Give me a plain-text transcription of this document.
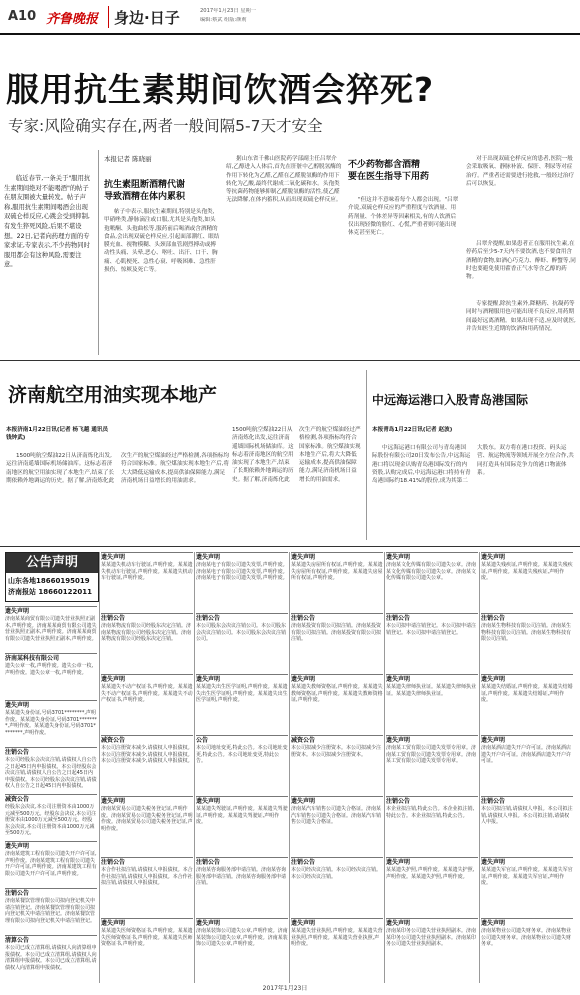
A10 齐鲁晚报 身边·日子	2017年1月23日 星期一
编辑:蔡武 组版:颜莉
服用抗生素期间饮酒会猝死?
专家:风险确实存在,两者一般间隔5-7天才安全
临近春节,一条关于"服用抗生素期间绝对不能喝酒"的帖子在朋友圈被大量转发。帖子声称,服用抗生素期间喝酒会出现双硫仑样反应,心跳会受到抑制,有发生猝死风险,后果不堪设想。22日,记者向药理方面的专家求证,专家表示,不少药物同时服用都会有这种风险,需要注意。
本报记者 陈晓丽
抗生素阻断酒精代谢
导致酒精在体内累积
帖子中表示,服抗生素期间,特别是头孢类,甲硝唑类,静脉滴注或口服,尤其是头孢类,如头孢哌酮、头孢曲松等,服药前后喝酒或含酒精的食品,会出现双硫仑样反应,引起面部潮红、眼结膜充血、视物模糊、头颈部血管剧烈搏动或搏动性头痛、头晕,恶心、呕吐、出汗、口干、胸痛、心肌梗死、急性心衰、呼吸困难、急性肝损伤、惊厥及死亡等。
据山东省千佛山医院药学部副主任吕翠介绍,乙醇进入人体后,首先在肝脏中乙醇脱氢酶的作用下转化为乙醛,乙醛在乙醛脱氢酶的作用下转化为乙酸,最终代谢成二氧化碳和水。头孢类等抗菌药物能够抑制乙醛脱氢酶的活性,使乙醛无法降解,在体内蓄积,从而出现双硫仑样反应。
不少药物都含酒精
要在医生指导下用药
"但这并不意味着每个人都会出现。"吕翠介说,双硫仑样反应的严重程度与饮酒量、用药剂量、个体差异等因素相关,有的人饮酒后仅出现轻微的脸红、心慌,严重者则可能出现休克甚至死亡。
对于出现双硫仑样反应的患者,医院一般会采取吸氧、静脉补液、保肝、利尿等对症治疗。严重者还需要进行抢救,一般经过治疗后可以恢复。
吕翠介提醒,如果患者正在服用抗生素,在停药后至少5-7天内不要饮酒,也不要食用含酒精的食物,如酒心巧克力、醉虾、醉蟹等,同时也要避免使用藿香正气水等含乙醇的药物。
专家提醒,除抗生素外,降糖药、抗凝药等同时与酒精服用也可能出现不良反应,用药期间最好远离酒精。如果出现不适,应及时就医,并告知医生近期的饮酒和用药情况。
济南航空用油实现本地产
本报济南1月22日讯(记者 杨飞越 通讯员 钱钟武)
1500吨航空煤油22日从济南炼化出发,运往济南遥墙国际机场储油库。这标志着济南地区的航空用油实现了本地生产,结束了长期依赖外地调运的历史。据了解,济南炼化此次生产的航空煤油经过严格检测,各项指标均符合国家标准。航空煤油实现本地生产后,将大大降低运输成本,提高供油保障能力,满足济南机场日益增长的用油需求。
1500吨航空煤油22日从济南炼化出发,运往济南遥墙国际机场储油库。这标志着济南地区的航空用油实现了本地生产,结束了长期依赖外地调运的历史。据了解,济南炼化此次生产的航空煤油经过严格检测,各项指标均符合国家标准。航空煤油实现本地生产后,将大大降低运输成本,提高供油保障能力,满足济南机场日益增长的用油需求。
中远海运港口入股青岛港国际
本报青岛1月22日讯(记者 赵波)
中远海运港口有限公司与青岛港国际股份有限公司20日发布公告,中远海运港口将以现金认购青岛港国际发行的内资股,认购完成后,中远海运港口将持有青岛港国际约18.41%的股份,成为其第二大股东。双方将在港口投资、码头运营、航运物流等领域开展全方位合作,共同打造具有国际竞争力的港口物流体系。
公告声明
山东各地18660195019
济南报站 18660122011
遗失声明
济南某某商贸有限公司遗失营业执照正副本,声明作废。济南某某商贸有限公司遗失营业执照正副本,声明作废。济南某某商贸有限公司遗失营业执照正副本,声明作废。
济南某科技有限公司
遗失公章一枚,声明作废。遗失公章一枚,声明作废。遗失公章一枚,声明作废。
遗失声明
某某遗失身份证,号码3701********,声明作废。某某遗失身份证,号码3701********,声明作废。某某遗失身份证,号码3701********,声明作废。
注销公告
本公司经股东会决议注销,请债权人自公告之日起45日内申报债权。本公司经股东会决议注销,请债权人自公告之日起45日内申报债权。本公司经股东会决议注销,请债权人自公告之日起45日内申报债权。
减资公告
经股东会决议,本公司注册资本由1000万元减至500万元。经股东会决议,本公司注册资本由1000万元减至500万元。经股东会决议,本公司注册资本由1000万元减至500万元。
遗失声明
济南某建筑工程有限公司遗失开户许可证,声明作废。济南某建筑工程有限公司遗失开户许可证,声明作废。济南某建筑工程有限公司遗失开户许可证,声明作废。
注销公告
济南某餐饮管理有限公司拟向登记机关申请注销登记。济南某餐饮管理有限公司拟向登记机关申请注销登记。济南某餐饮管理有限公司拟向登记机关申请注销登记。
清算公告
本公司已成立清算组,请债权人向清算组申报债权。本公司已成立清算组,请债权人向清算组申报债权。本公司已成立清算组,请债权人向清算组申报债权。
遗失声明
某某遗失机动车行驶证,声明作废。某某遗失机动车行驶证,声明作废。某某遗失机动车行驶证,声明作废。
注销公告
济南某物流有限公司经股东决定注销。济南某物流有限公司经股东决定注销。济南某物流有限公司经股东决定注销。
遗失声明
某某遗失不动产权证书,声明作废。某某遗失不动产权证书,声明作废。某某遗失不动产权证书,声明作废。
减资公告
本公司注册资本减少,请债权人申报债权。本公司注册资本减少,请债权人申报债权。本公司注册资本减少,请债权人申报债权。
遗失声明
济南某贸易公司遗失税务登记证,声明作废。济南某贸易公司遗失税务登记证,声明作废。济南某贸易公司遗失税务登记证,声明作废。
注销公告
本合作社拟注销,请债权人申报债权。本合作社拟注销,请债权人申报债权。本合作社拟注销,请债权人申报债权。
遗失声明
某某遗失医师资格证书,声明作废。某某遗失医师资格证书,声明作废。某某遗失医师资格证书,声明作废。
遗失声明
济南某电子有限公司遗失发票,声明作废。济南某电子有限公司遗失发票,声明作废。济南某电子有限公司遗失发票,声明作废。
注销公告
本公司股东会决议注销公司。本公司股东会决议注销公司。本公司股东会决议注销公司。
遗失声明
某某遗失出生医学证明,声明作废。某某遗失出生医学证明,声明作废。某某遗失出生医学证明,声明作废。
公告
本公司地址变更,特此公告。本公司地址变更,特此公告。本公司地址变更,特此公告。
遗失声明
某某遗失驾驶证,声明作废。某某遗失驾驶证,声明作废。某某遗失驾驶证,声明作废。
注销公告
济南某咨询服务部申请注销。济南某咨询服务部申请注销。济南某咨询服务部申请注销。
遗失声明
济南某装饰公司遗失公章,声明作废。济南某装饰公司遗失公章,声明作废。济南某装饰公司遗失公章,声明作废。
遗失声明
某某遗失房屋所有权证,声明作废。某某遗失房屋所有权证,声明作废。某某遗失房屋所有权证,声明作废。
注销公告
济南某投资有限公司拟注销。济南某投资有限公司拟注销。济南某投资有限公司拟注销。
遗失声明
某某遗失教师资格证,声明作废。某某遗失教师资格证,声明作废。某某遗失教师资格证,声明作废。
减资公告
本公司拟减少注册资本。本公司拟减少注册资本。本公司拟减少注册资本。
遗失声明
济南某汽车销售公司遗失合格证。济南某汽车销售公司遗失合格证。济南某汽车销售公司遗失合格证。
注销公告
本公司经决议注销。本公司经决议注销。本公司经决议注销。
遗失声明
某某遗失营业执照,声明作废。某某遗失营业执照,声明作废。某某遗失营业执照,声明作废。
遗失声明
济南某文化传媒有限公司遗失公章。济南某文化传媒有限公司遗失公章。济南某文化传媒有限公司遗失公章。
注销公告
本公司拟申请注销登记。本公司拟申请注销登记。本公司拟申请注销登记。
遗失声明
某某遗失律师执业证。某某遗失律师执业证。某某遗失律师执业证。
遗失声明
济南某工贸有限公司遗失发票专用章。济南某工贸有限公司遗失发票专用章。济南某工贸有限公司遗失发票专用章。
注销公告
本企业拟注销,特此公告。本企业拟注销,特此公告。本企业拟注销,特此公告。
遗失声明
某某遗失护照,声明作废。某某遗失护照,声明作废。某某遗失护照,声明作废。
遗失声明
济南某印务公司遗失营业执照副本。济南某印务公司遗失营业执照副本。济南某印务公司遗失营业执照副本。
遗失声明
某某遗失残疾证,声明作废。某某遗失残疾证,声明作废。某某遗失残疾证,声明作废。
注销公告
济南某生物科技有限公司注销。济南某生物科技有限公司注销。济南某生物科技有限公司注销。
遗失声明
某某遗失结婚证,声明作废。某某遗失结婚证,声明作废。某某遗失结婚证,声明作废。
遗失声明
济南某酒店遗失开户许可证。济南某酒店遗失开户许可证。济南某酒店遗失开户许可证。
注销公告
本公司拟注销,请债权人申报。本公司拟注销,请债权人申报。本公司拟注销,请债权人申报。
遗失声明
某某遗失军官证,声明作废。某某遗失军官证,声明作废。某某遗失军官证,声明作废。
遗失声明
济南某物业公司遗失财务章。济南某物业公司遗失财务章。济南某物业公司遗失财务章。
2017年1月23日
